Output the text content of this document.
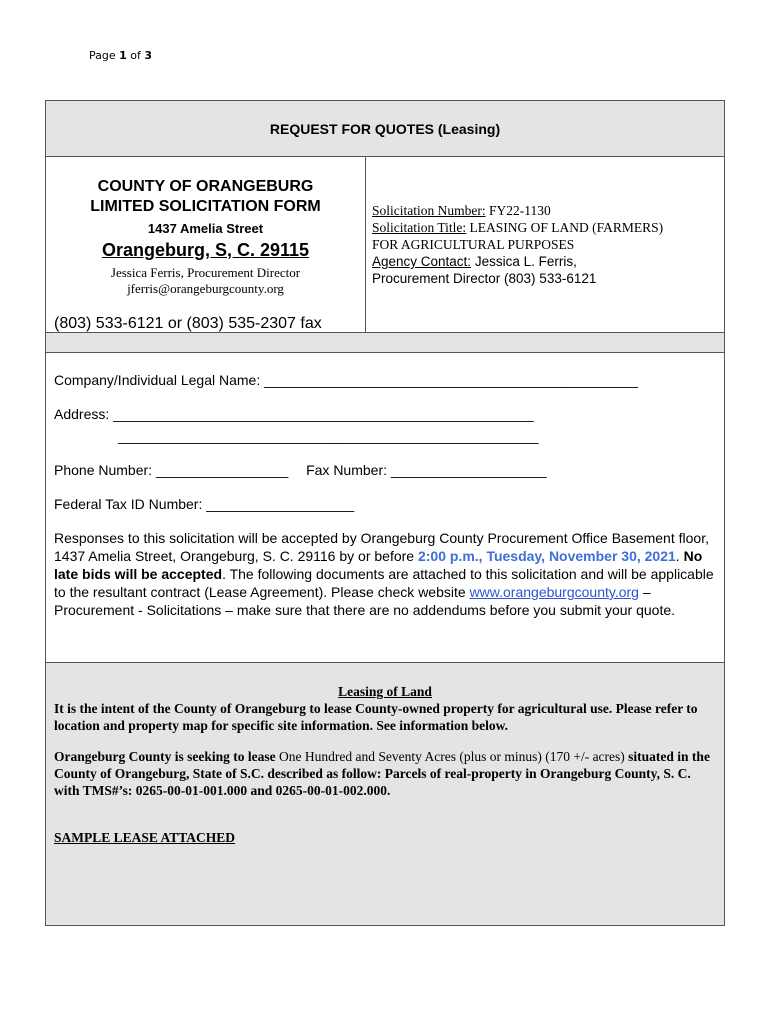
Page 1 of 3
REQUEST FOR QUOTES (Leasing)
COUNTY OF ORANGEBURG
LIMITED SOLICITATION FORM
1437 Amelia Street
Orangeburg, S, C. 29115
Jessica Ferris, Procurement Director
jferris@orangeburgcounty.org
(803) 533-6121 or (803) 535-2307 fax
Solicitation Number: FY22-1130
Solicitation Title: LEASING OF LAND (FARMERS)
FOR AGRICULTURAL PURPOSES
Agency Contact: Jessica L. Ferris,
Procurement Director (803) 533-6121
Company/Individual Legal Name: ________________________________________________
Address: ______________________________________________________
______________________________________________________
Phone Number: _________________ Fax Number: ____________________
Federal Tax ID Number: ___________________
Responses to this solicitation will be accepted by Orangeburg County Procurement Office Basement floor, 1437 Amelia Street, Orangeburg, S. C. 29116 by or before 2:00 p.m., Tuesday, November 30, 2021. No late bids will be accepted. The following documents are attached to this solicitation and will be applicable to the resultant contract (Lease Agreement). Please check website www.orangeburgcounty.org – Procurement - Solicitations – make sure that there are no addendums before you submit your quote.
Leasing of Land

It is the intent of the County of Orangeburg to lease County-owned property for agricultural use. Please refer to location and property map for specific site information. See information below.

Orangeburg County is seeking to lease One Hundred and Seventy Acres (plus or minus) (170 +/- acres) situated in the County of Orangeburg, State of S.C. described as follow: Parcels of real-property in Orangeburg County, S. C. with TMS#’s: 0265-00-01-001.000 and 0265-00-01-002.000.

SAMPLE LEASE ATTACHED
